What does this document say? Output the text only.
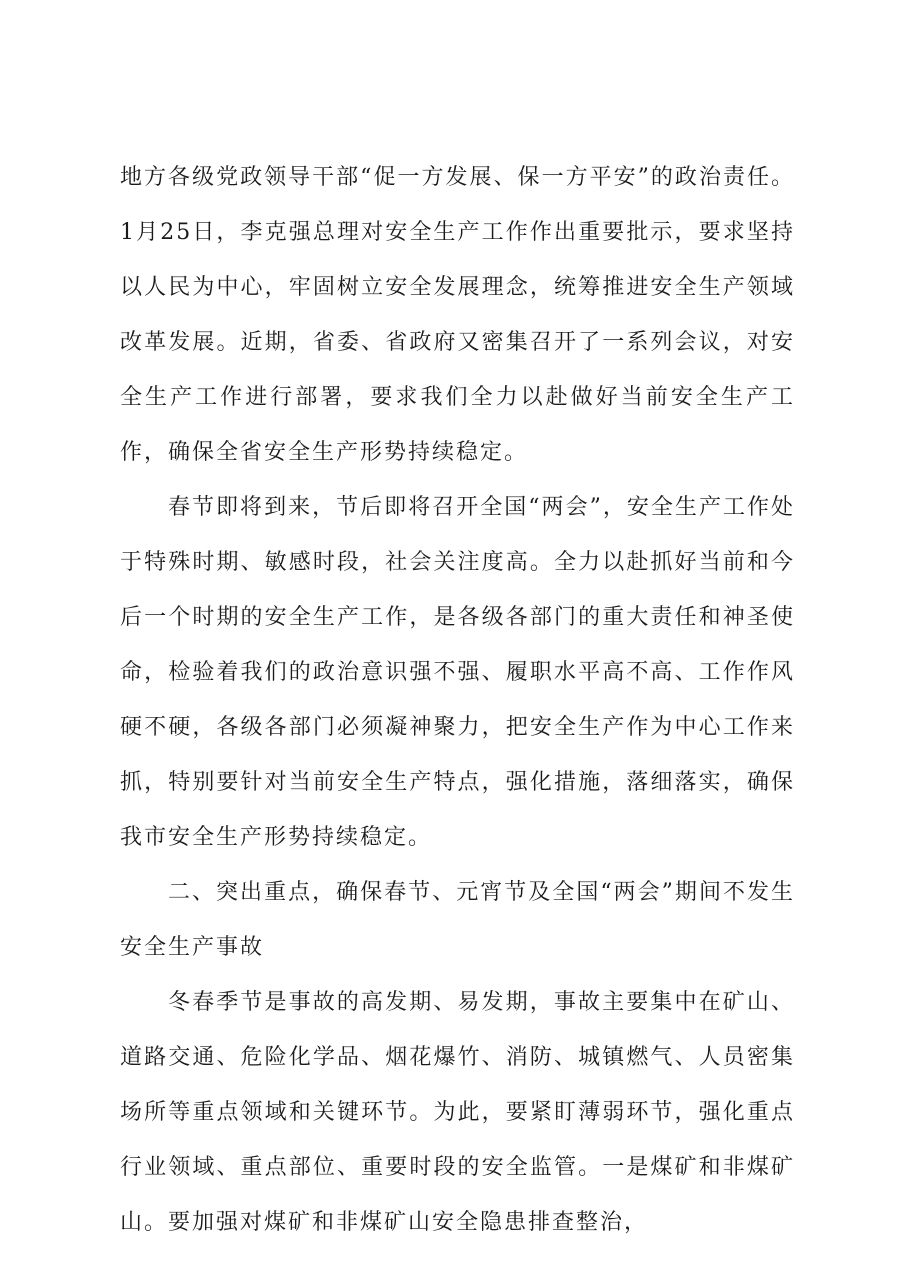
地方各级党政领导干部“促一方发展、保一方平安”的政治责任。1月25日，李克强总理对安全生产工作作出重要批示，要求坚持以人民为中心，牢固树立安全发展理念，统筹推进安全生产领域改革发展。近期，省委、省政府又密集召开了一系列会议，对安全生产工作进行部署，要求我们全力以赴做好当前安全生产工作，确保全省安全生产形势持续稳定。

春节即将到来，节后即将召开全国“两会”，安全生产工作处于特殊时期、敏感时段，社会关注度高。全力以赴抓好当前和今后一个时期的安全生产工作，是各级各部门的重大责任和神圣使命，检验着我们的政治意识强不强、履职水平高不高、工作作风硬不硬，各级各部门必须凝神聚力，把安全生产作为中心工作来抓，特别要针对当前安全生产特点，强化措施，落细落实，确保我市安全生产形势持续稳定。

二、突出重点，确保春节、元宵节及全国“两会”期间不发生安全生产事故

冬春季节是事故的高发期、易发期，事故主要集中在矿山、道路交通、危险化学品、烟花爆竹、消防、城镇燃气、人员密集场所等重点领域和关键环节。为此，要紧盯薄弱环节，强化重点行业领域、重点部位、重要时段的安全监管。一是煤矿和非煤矿山。要加强对煤矿和非煤矿山安全隐患排查整治，
